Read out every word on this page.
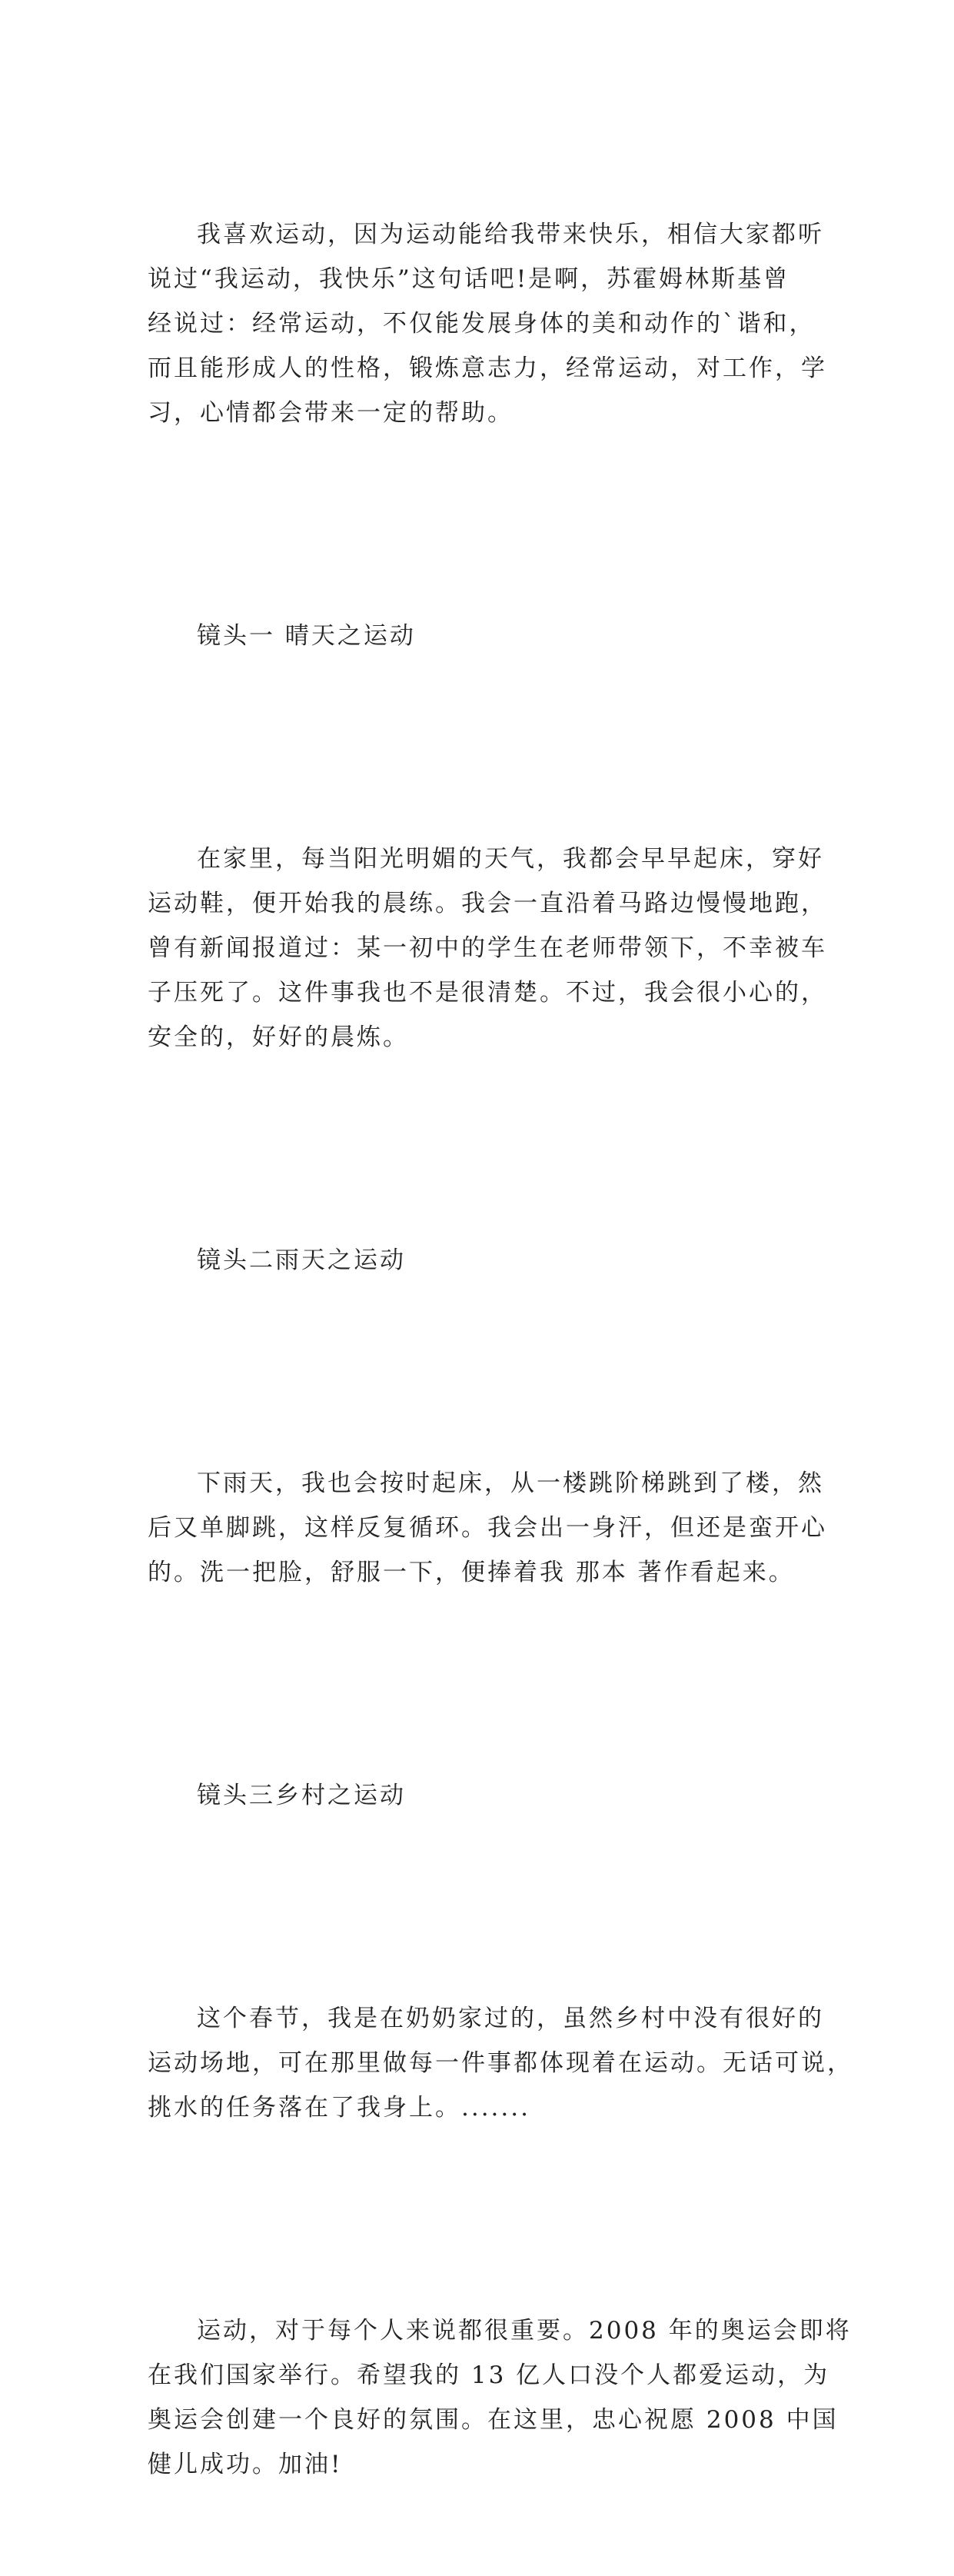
我喜欢运动，因为运动能给我带来快乐，相信大家都听
说过“我运动，我快乐”这句话吧!是啊，苏霍姆林斯基曾
经说过：经常运动，不仅能发展身体的美和动作的`谐和，
而且能形成人的性格，锻炼意志力，经常运动，对工作，学
习，心情都会带来一定的帮助。

镜头一 晴天之运动

在家里，每当阳光明媚的天气，我都会早早起床，穿好
运动鞋，便开始我的晨练。我会一直沿着马路边慢慢地跑，
曾有新闻报道过：某一初中的学生在老师带领下，不幸被车
子压死了。这件事我也不是很清楚。不过，我会很小心的，
安全的，好好的晨炼。

镜头二雨天之运动

下雨天，我也会按时起床，从一楼跳阶梯跳到了楼，然
后又单脚跳，这样反复循环。我会出一身汗，但还是蛮开心
的。洗一把脸，舒服一下，便捧着我 那本 著作看起来。

镜头三乡村之运动

这个春节，我是在奶奶家过的，虽然乡村中没有很好的
运动场地，可在那里做每一件事都体现着在运动。无话可说，
挑水的任务落在了我身上。.......

运动，对于每个人来说都很重要。2008 年的奥运会即将
在我们国家举行。希望我的 13 亿人口没个人都爱运动，为
奥运会创建一个良好的氛围。在这里，忠心祝愿 2008 中国
健儿成功。加油!
